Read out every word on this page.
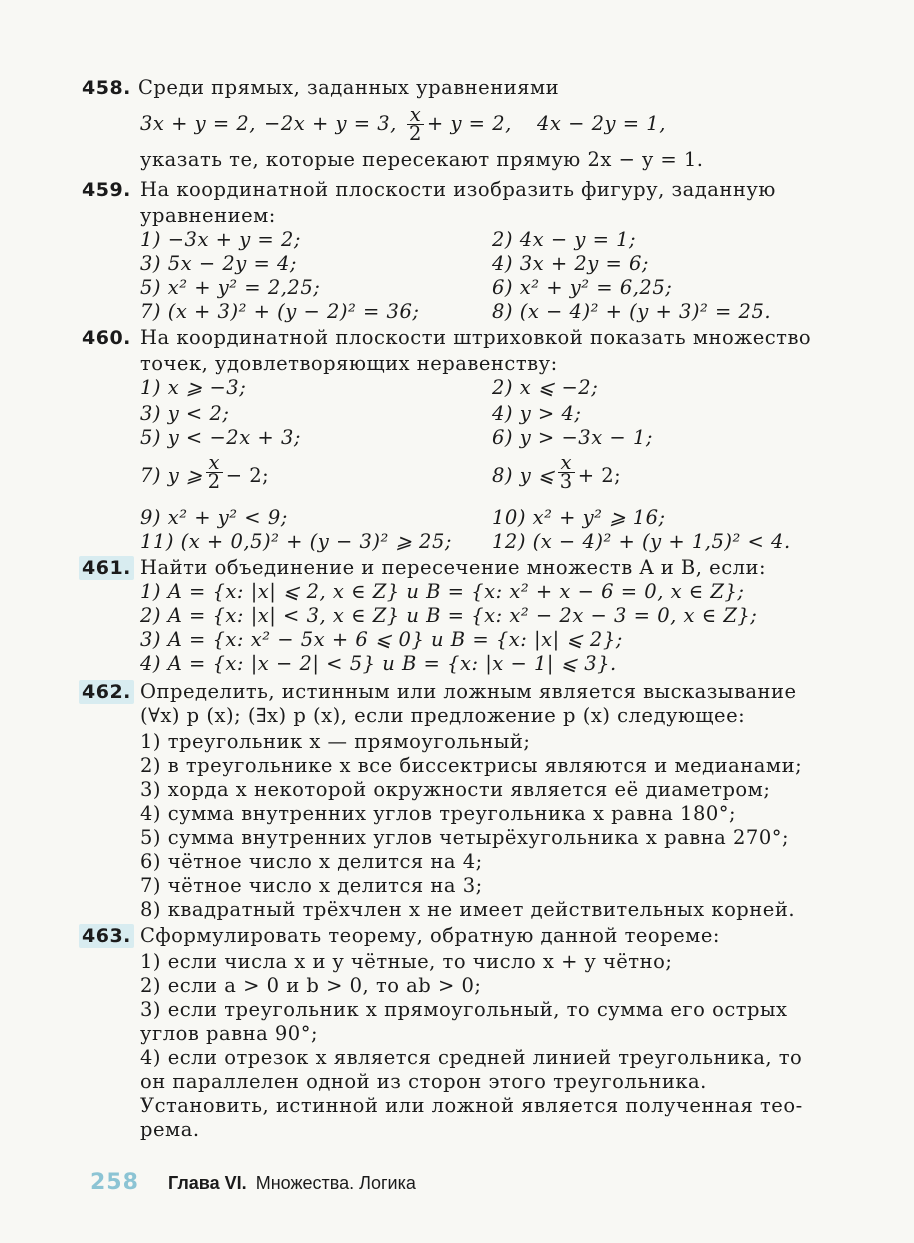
458. Среди прямых, заданных уравнениями
3x + y = 2, −2x + y = 3, $\frac{x}{2} + y = 2$, 4x − 2y = 1,
указать те, которые пересекают прямую 2x − y = 1.
459. На координатной плоскости изобразить фигуру, заданную
уравнением:
1) −3x + y = 2;	2) 4x − y = 1;
3) 5x − 2y = 4;	4) 3x + 2y = 6;
5) x² + y² = 2,25;	6) x² + y² = 6,25;
7) (x + 3)² + (y − 2)² = 36;	8) (x − 4)² + (y + 3)² = 25.
460. На координатной плоскости штриховкой показать множество
точек, удовлетворяющих неравенству:
1) x ⩾ −3;	2) x ⩽ −2;
3) y < 2;	4) y > 4;
5) y < −2x + 3;	6) y > −3x − 1;
7) y ⩾ $\frac{x}{2} - 2$;	8) y ⩽ $\frac{x}{3} + 2$;
9) x² + y² < 9;	10) x² + y² ⩾ 16;
11) (x + 0,5)² + (y − 3)² ⩾ 25; 12) (x − 4)² + (y + 1,5)² < 4.
461. Найти объединение и пересечение множеств A и B, если:
1) A = {x: |x| ⩽ 2, x ∈ Z} и B = {x: x² + x − 6 = 0, x ∈ Z};
2) A = {x: |x| < 3, x ∈ Z} и B = {x: x² − 2x − 3 = 0, x ∈ Z};
3) A = {x: x² − 5x + 6 ⩽ 0} и B = {x: |x| ⩽ 2};
4) A = {x: |x − 2| < 5} и B = {x: |x − 1| ⩽ 3}.
462. Определить, истинным или ложным является высказывание
(∀x) p (x); (∃x) p (x), если предложение p (x) следующее:
1) треугольник x — прямоугольный;
2) в треугольнике x все биссектрисы являются и медианами;
3) хорда x некоторой окружности является её диаметром;
4) сумма внутренних углов треугольника x равна 180°;
5) сумма внутренних углов четырёхугольника x равна 270°;
6) чётное число x делится на 4;
7) чётное число x делится на 3;
8) квадратный трёхчлен x не имеет действительных корней.
463. Сформулировать теорему, обратную данной теореме:
1) если числа x и y чётные, то число x + y чётно;
2) если a > 0 и b > 0, то ab > 0;
3) если треугольник x прямоугольный, то сумма его острых
углов равна 90°;
4) если отрезок x является средней линией треугольника, то
он параллелен одной из сторон этого треугольника.
Установить, истинной или ложной является полученная тео-
рема.
258 Глава VI. Множества. Логика
